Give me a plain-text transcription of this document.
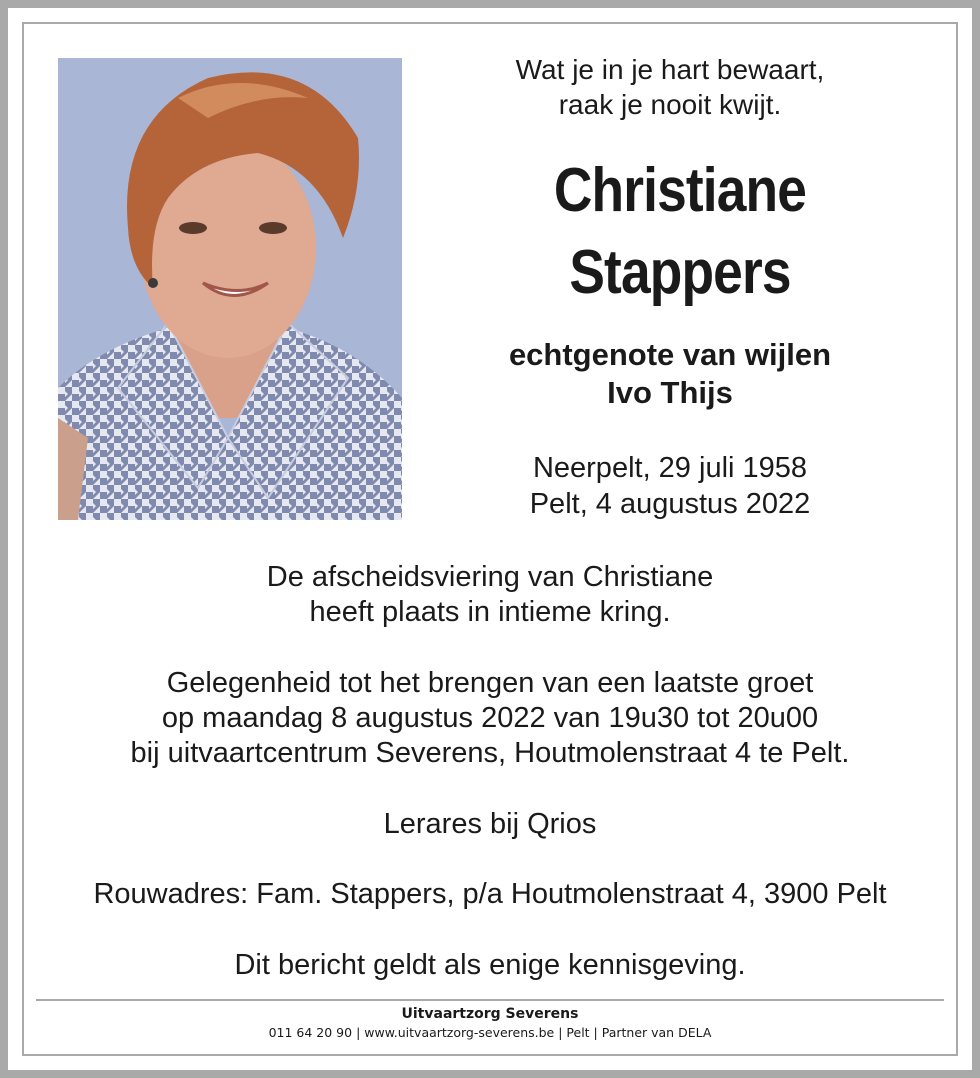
Wat je in je hart bewaart,
raak je nooit kwijt.
Christiane
Stappers
echtgenote van wijlen
Ivo Thijs
Neerpelt, 29 juli 1958
Pelt, 4 augustus 2022
De afscheidsviering van Christiane
heeft plaats in intieme kring.
Gelegenheid tot het brengen van een laatste groet
op maandag 8 augustus 2022 van 19u30 tot 20u00
bij uitvaartcentrum Severens, Houtmolenstraat 4 te Pelt.
Lerares bij Qrios
Rouwadres: Fam. Stappers, p/a Houtmolenstraat 4, 3900 Pelt
Dit bericht geldt als enige kennisgeving.
Uitvaartzorg Severens
011 64 20 90 | www.uitvaartzorg-severens.be | Pelt | Partner van DELA
